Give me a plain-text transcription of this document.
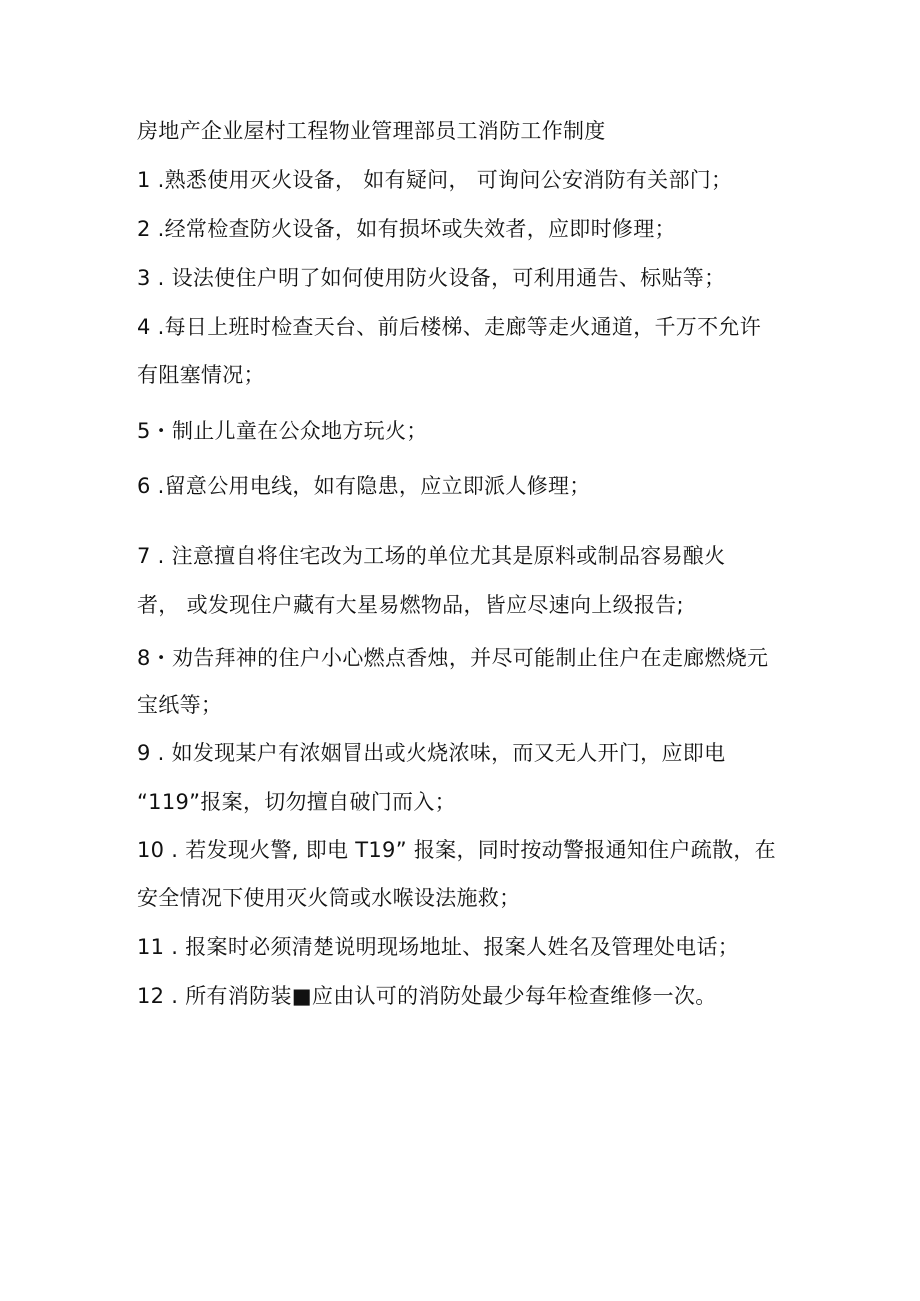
房地产企业屋村工程物业管理部员工消防工作制度
1 .熟悉使用灭火设备， 如有疑问， 可询问公安消防有关部门；
2 .经常检查防火设备，如有损坏或失效者，应即时修理；
3 . 设法使住户明了如何使用防火设备，可利用通告、标贴等；
4 .每日上班时检查天台、前后楼梯、走廊等走火通道，千万不允许
有阻塞情况；
5・制止儿童在公众地方玩火；
6 .留意公用电线，如有隐患，应立即派人修理；
7 . 注意擅自将住宅改为工场的单位尤其是原料或制品容易酿火
者， 或发现住户藏有大星易燃物品，皆应尽速向上级报告;
8・劝告拜神的住户小心燃点香烛，并尽可能制止住户在走廊燃烧元
宝纸等；
9 . 如发现某户有浓姻冒出或火烧浓味，而又无人开门，应即电
“119”报案，切勿擅自破门而入；
10 . 若发现火警, 即电 T19” 报案，同时按动警报通知住户疏散，在
安全情况下使用灭火筒或水喉设法施救；
11 . 报案时必须清楚说明现场地址、报案人姓名及管理处电话；
12 . 所有消防装■应由认可的消防处最少每年检查维修一次。
